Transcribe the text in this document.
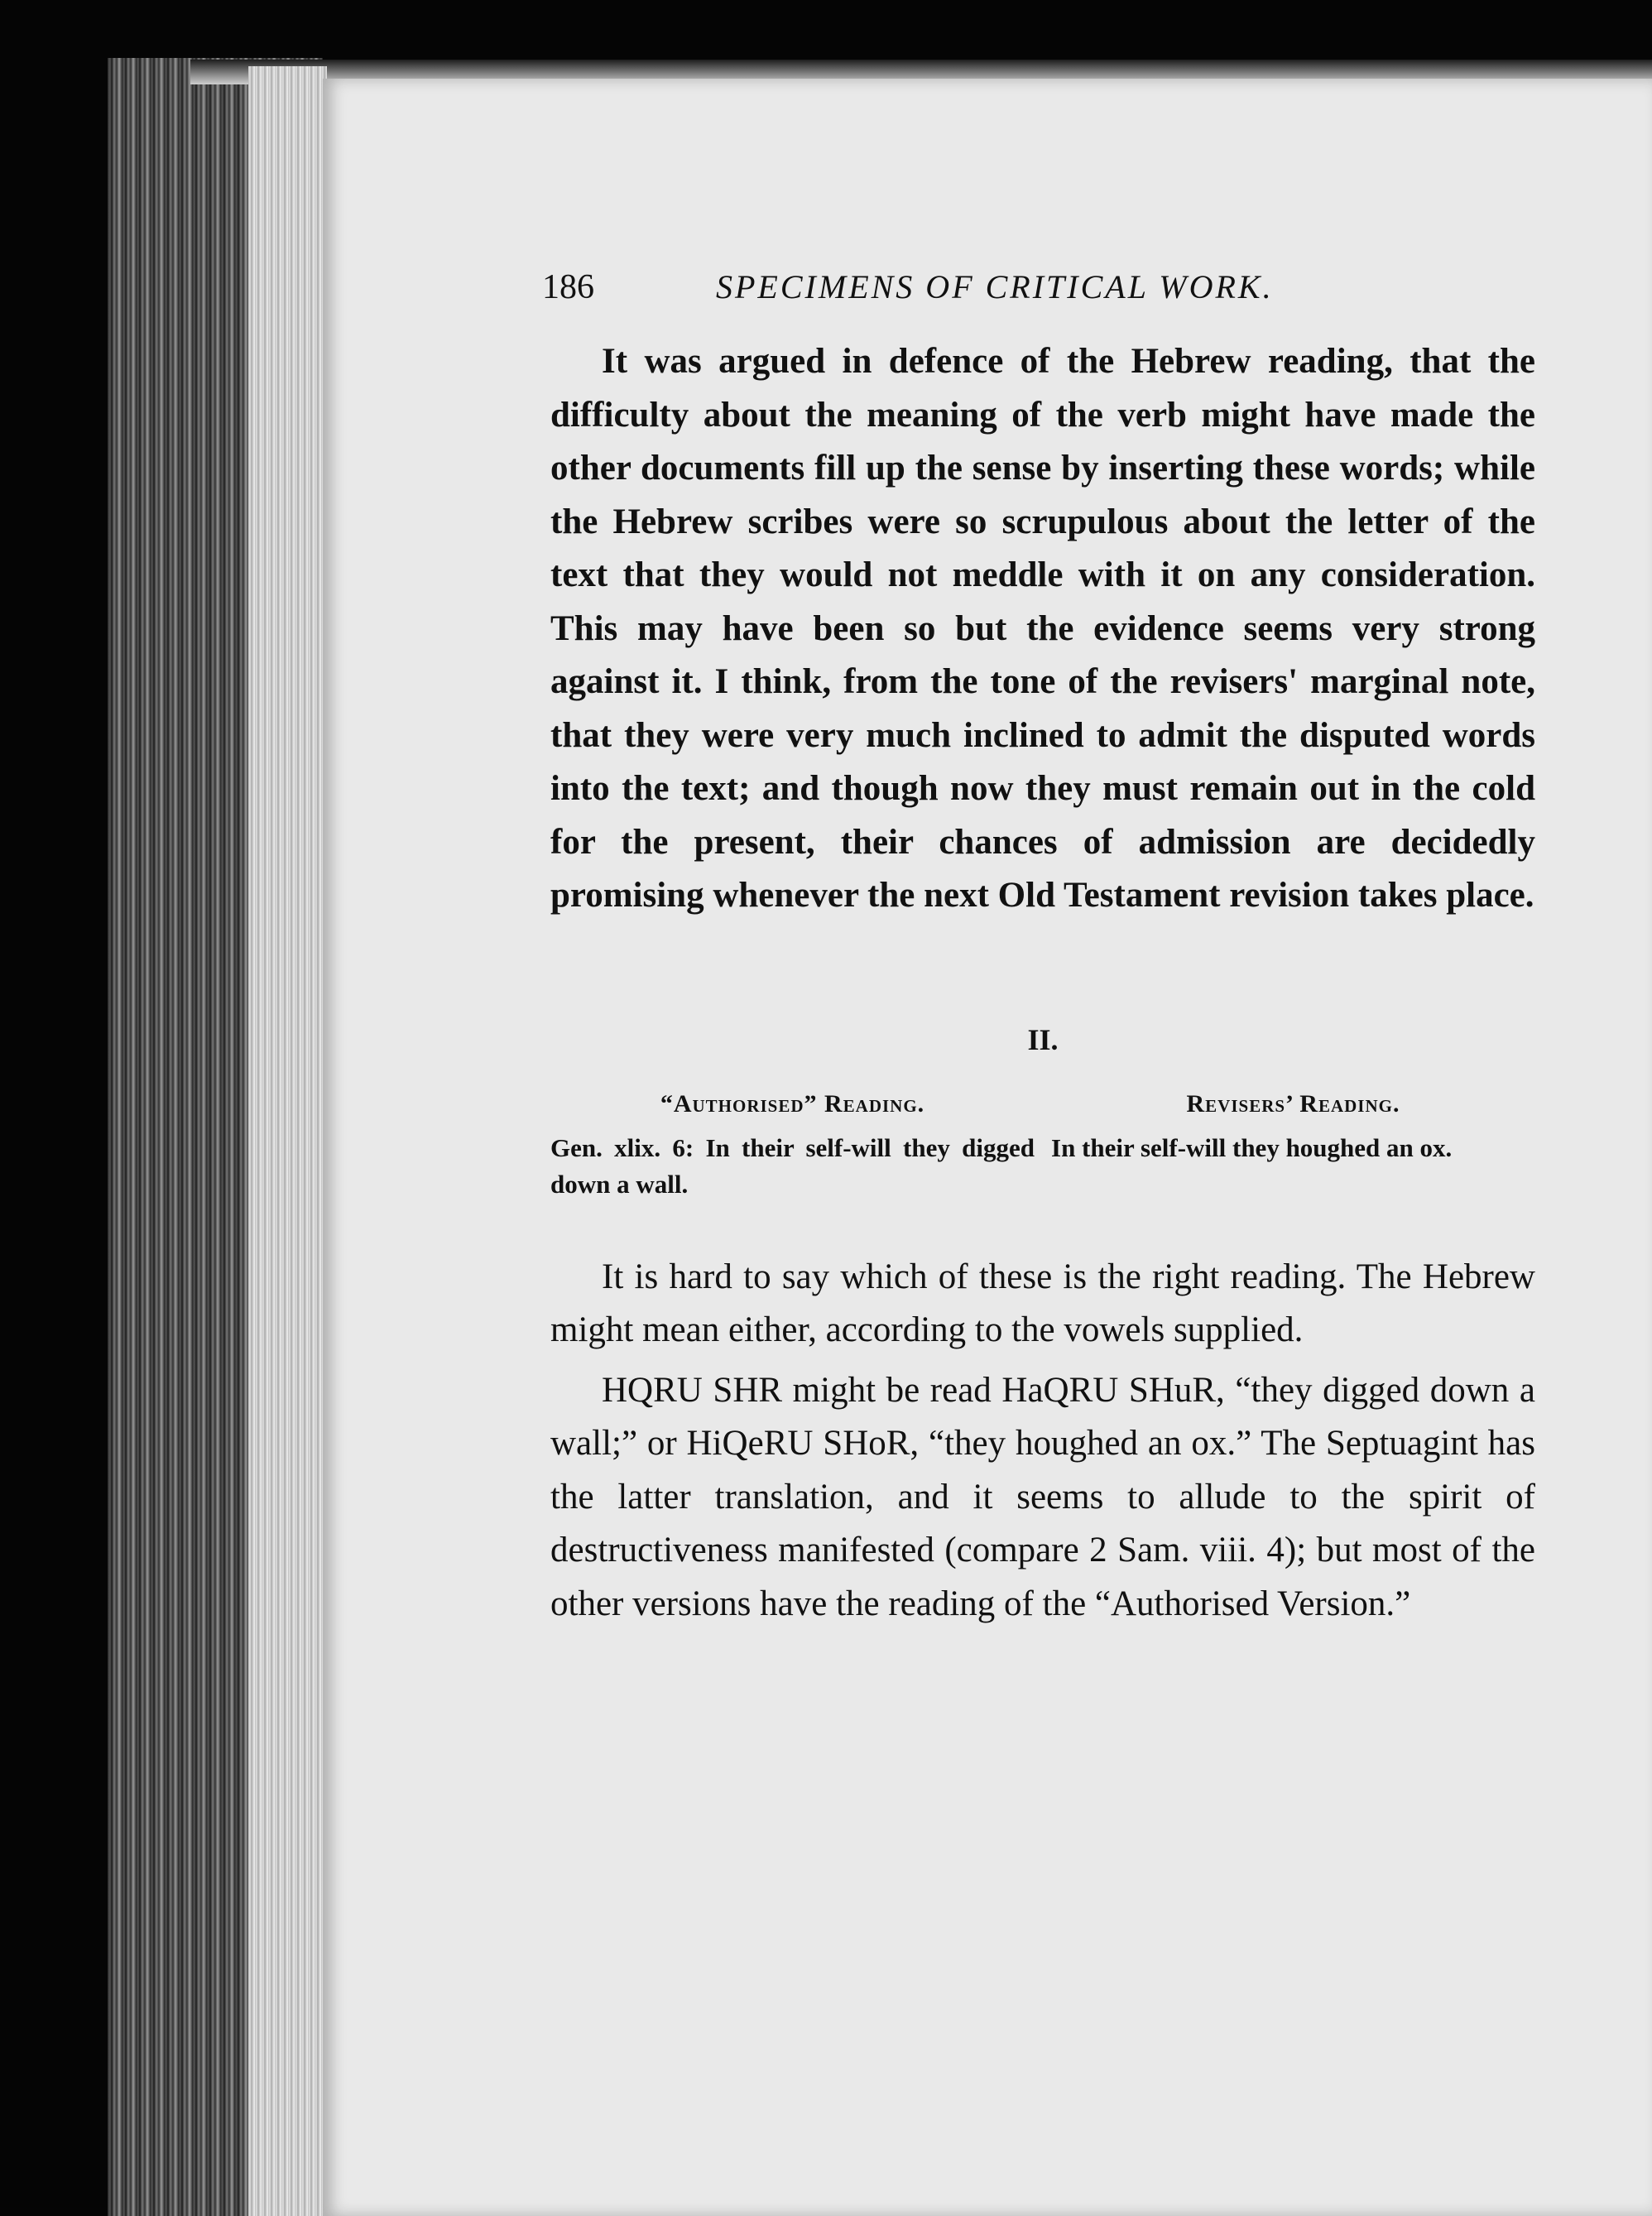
186	SPECIMENS OF CRITICAL WORK.

It was argued in defence of the Hebrew reading, that the difficulty about the meaning of the verb might have made the other documents fill up the sense by inserting these words; while the Hebrew scribes were so scrupulous about the letter of the text that they would not meddle with it on any consideration. This may have been so but the evidence seems very strong against it. I think, from the tone of the revisers' marginal note, that they were very much inclined to admit the disputed words into the text; and though now they must remain out in the cold for the present, their chances of admission are decidedly promising whenever the next Old Testament revision takes place.

II.
“Authorised” Reading.
Gen. xlix. 6: In their self-will they digged down a wall.
Revisers’ Reading.
In their self-will they houghed an ox.

It is hard to say which of these is the right reading. The Hebrew might mean either, according to the vowels supplied.

HQRU SHR might be read HaQRU SHuR, “they digged down a wall;” or HiQeRU SHoR, “they houghed an ox.” The Septuagint has the latter translation, and it seems to allude to the spirit of destructiveness manifested (compare 2 Sam. viii. 4); but most of the other versions have the reading of the “Authorised Version.”
